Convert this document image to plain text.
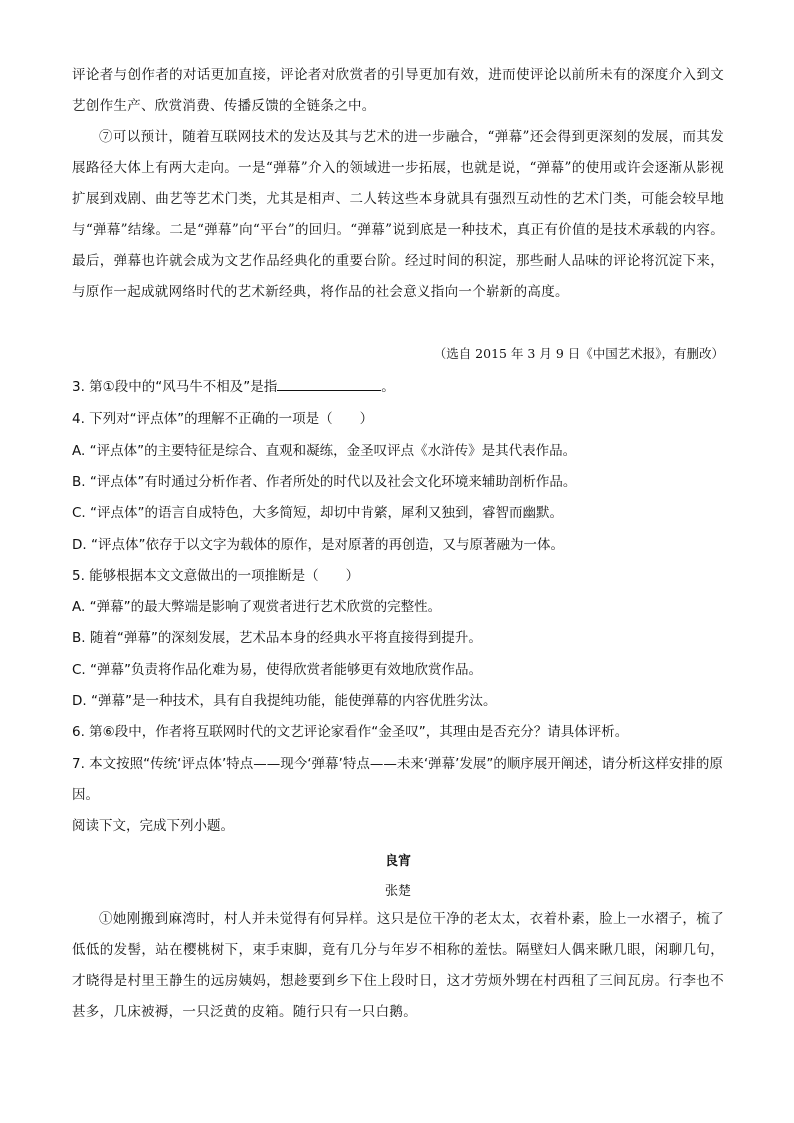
评论者与创作者的对话更加直接，评论者对欣赏者的引导更加有效，进而使评论以前所未有的深度介入到文艺创作生产、欣赏消费、传播反馈的全链条之中。
⑦可以预计，随着互联网技术的发达及其与艺术的进一步融合，“弹幕”还会得到更深刻的发展，而其发展路径大体上有两大走向。一是“弹幕”介入的领域进一步拓展，也就是说，“弹幕”的使用或许会逐渐从影视扩展到戏剧、曲艺等艺术门类，尤其是相声、二人转这些本身就具有强烈互动性的艺术门类，可能会较早地与“弹幕”结缘。二是“弹幕”向“平台”的回归。“弹幕”说到底是一种技术，真正有价值的是技术承载的内容。最后，弹幕也许就会成为文艺作品经典化的重要台阶。经过时间的积淀，那些耐人品味的评论将沉淀下来，与原作一起成就网络时代的艺术新经典，将作品的社会意义指向一个崭新的高度。
（选自 2015 年 3 月 9 日《中国艺术报》，有删改）
3. 第①段中的“风马牛不相及”是指	。
4. 下列对“评点体”的理解不正确的一项是（　　）
A. “评点体”的主要特征是综合、直观和凝练，金圣叹评点《水浒传》是其代表作品。
B. “评点体”有时通过分析作者、作者所处的时代以及社会文化环境来辅助剖析作品。
C. “评点体”的语言自成特色，大多简短，却切中肯綮，犀利又独到，睿智而幽默。
D. “评点体”依存于以文字为载体的原作，是对原著的再创造，又与原著融为一体。
5. 能够根据本文文意做出的一项推断是（　　）
A. “弹幕”的最大弊端是影响了观赏者进行艺术欣赏的完整性。
B. 随着“弹幕”的深刻发展，艺术品本身的经典水平将直接得到提升。
C. “弹幕”负责将作品化难为易，使得欣赏者能够更有效地欣赏作品。
D. “弹幕”是一种技术，具有自我提纯功能，能使弹幕的内容优胜劣汰。
6. 第⑥段中，作者将互联网时代的文艺评论家看作“金圣叹”，其理由是否充分？请具体评析。
7. 本文按照“传统‘评点体’特点——现今‘弹幕’特点——未来‘弹幕’发展”的顺序展开阐述，请分析这样安排的原因。
阅读下文，完成下列小题。
良宵
张楚
①她刚搬到麻湾时，村人并未觉得有何异样。这只是位干净的老太太，衣着朴素，脸上一水褶子，梳了低低的发髻，站在樱桃树下，束手束脚，竟有几分与年岁不相称的羞怯。隔壁妇人偶来瞅几眼，闲聊几句，才晓得是村里王静生的远房姨妈，想趁要到乡下住上段时日，这才劳烦外甥在村西租了三间瓦房。行李也不甚多，几床被褥，一只泛黄的皮箱。随行只有一只白鹅。
